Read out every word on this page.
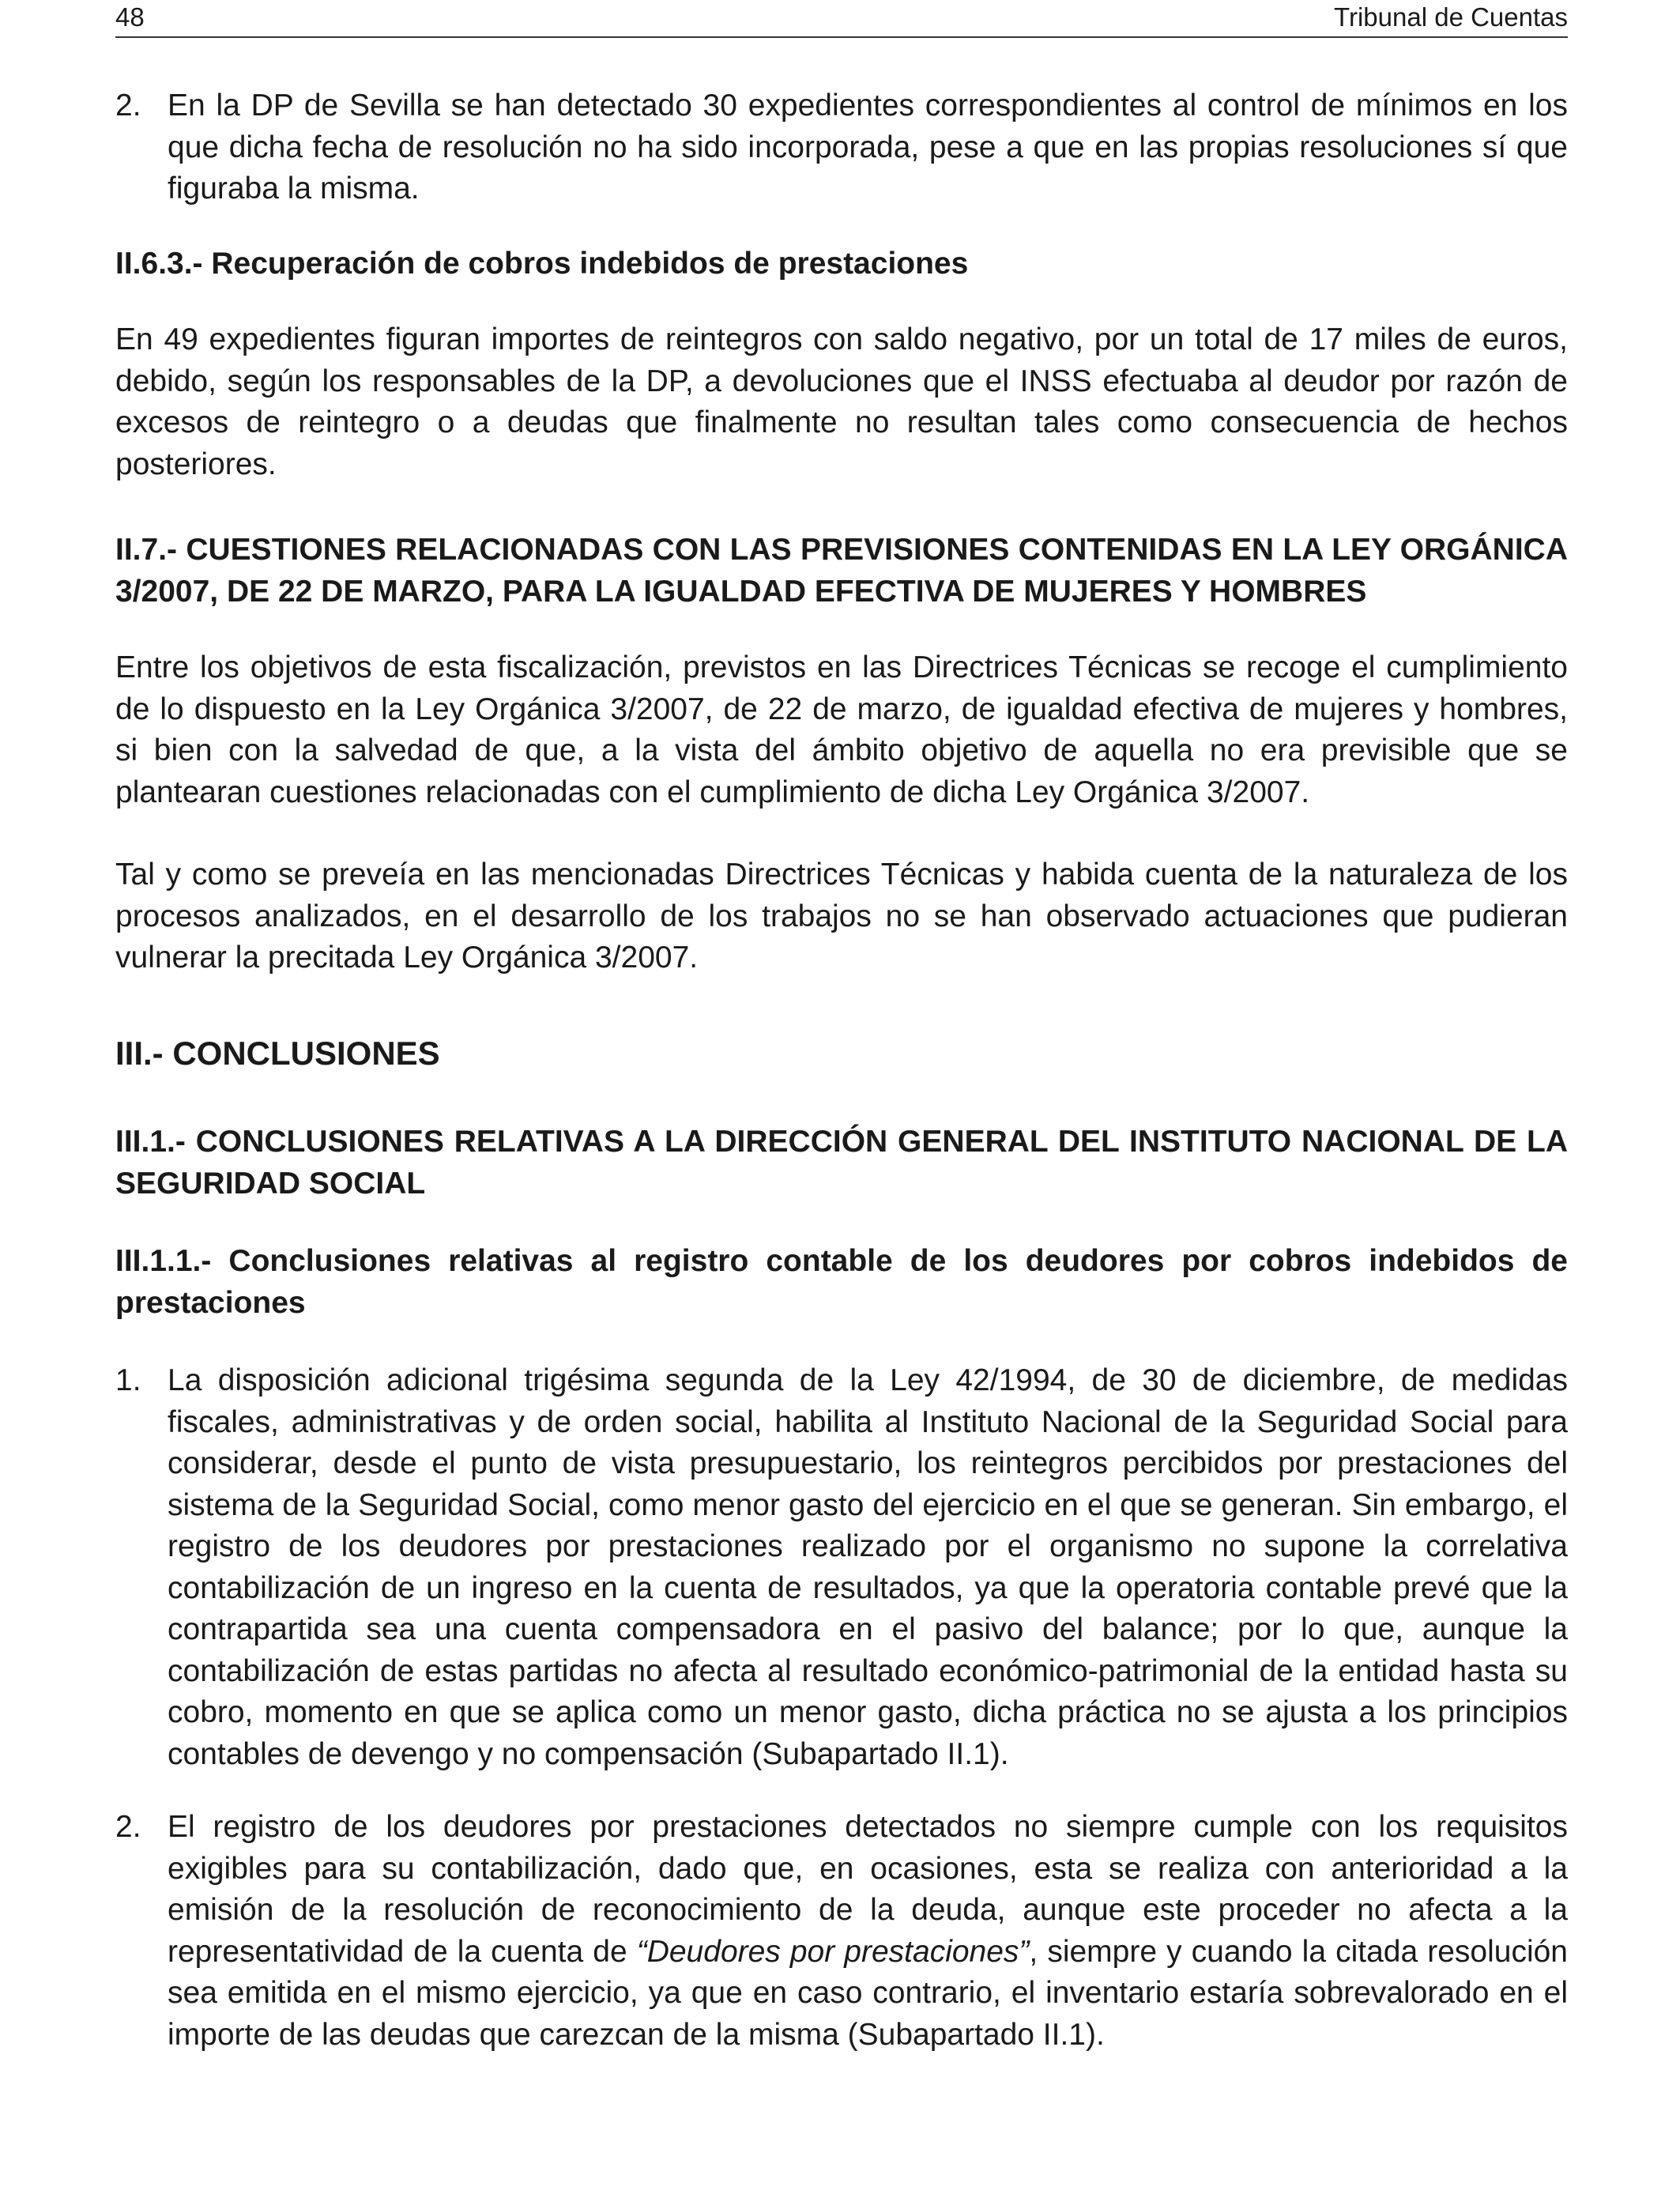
48	Tribunal de Cuentas
2. En la DP de Sevilla se han detectado 30 expedientes correspondientes al control de mínimos en los que dicha fecha de resolución no ha sido incorporada, pese a que en las propias resoluciones sí que figuraba la misma.

II.6.3.- Recuperación de cobros indebidos de prestaciones

En 49 expedientes figuran importes de reintegros con saldo negativo, por un total de 17 miles de euros, debido, según los responsables de la DP, a devoluciones que el INSS efectuaba al deudor por razón de excesos de reintegro o a deudas que finalmente no resultan tales como consecuencia de hechos posteriores.

II.7.- CUESTIONES RELACIONADAS CON LAS PREVISIONES CONTENIDAS EN LA LEY ORGÁNICA 3/2007, DE 22 DE MARZO, PARA LA IGUALDAD EFECTIVA DE MUJERES Y HOMBRES

Entre los objetivos de esta fiscalización, previstos en las Directrices Técnicas se recoge el cumplimiento de lo dispuesto en la Ley Orgánica 3/2007, de 22 de marzo, de igualdad efectiva de mujeres y hombres, si bien con la salvedad de que, a la vista del ámbito objetivo de aquella no era previsible que se plantearan cuestiones relacionadas con el cumplimiento de dicha Ley Orgánica 3/2007.

Tal y como se preveía en las mencionadas Directrices Técnicas y habida cuenta de la naturaleza de los procesos analizados, en el desarrollo de los trabajos no se han observado actuaciones que pudieran vulnerar la precitada Ley Orgánica 3/2007.

III.- CONCLUSIONES
III.1.- CONCLUSIONES RELATIVAS A LA DIRECCIÓN GENERAL DEL INSTITUTO NACIONAL DE LA SEGURIDAD SOCIAL
III.1.1.- Conclusiones relativas al registro contable de los deudores por cobros indebidos de prestaciones
1. La disposición adicional trigésima segunda de la Ley 42/1994, de 30 de diciembre, de medidas fiscales, administrativas y de orden social, habilita al Instituto Nacional de la Seguridad Social para considerar, desde el punto de vista presupuestario, los reintegros percibidos por prestaciones del sistema de la Seguridad Social, como menor gasto del ejercicio en el que se generan. Sin embargo, el registro de los deudores por prestaciones realizado por el organismo no supone la correlativa contabilización de un ingreso en la cuenta de resultados, ya que la operatoria contable prevé que la contrapartida sea una cuenta compensadora en el pasivo del balance; por lo que, aunque la contabilización de estas partidas no afecta al resultado económico-patrimonial de la entidad hasta su cobro, momento en que se aplica como un menor gasto, dicha práctica no se ajusta a los principios contables de devengo y no compensación (Subapartado II.1).

2. El registro de los deudores por prestaciones detectados no siempre cumple con los requisitos exigibles para su contabilización, dado que, en ocasiones, esta se realiza con anterioridad a la emisión de la resolución de reconocimiento de la deuda, aunque este proceder no afecta a la representatividad de la cuenta de “Deudores por prestaciones”, siempre y cuando la citada resolución sea emitida en el mismo ejercicio, ya que en caso contrario, el inventario estaría sobrevalorado en el importe de las deudas que carezcan de la misma (Subapartado II.1).
